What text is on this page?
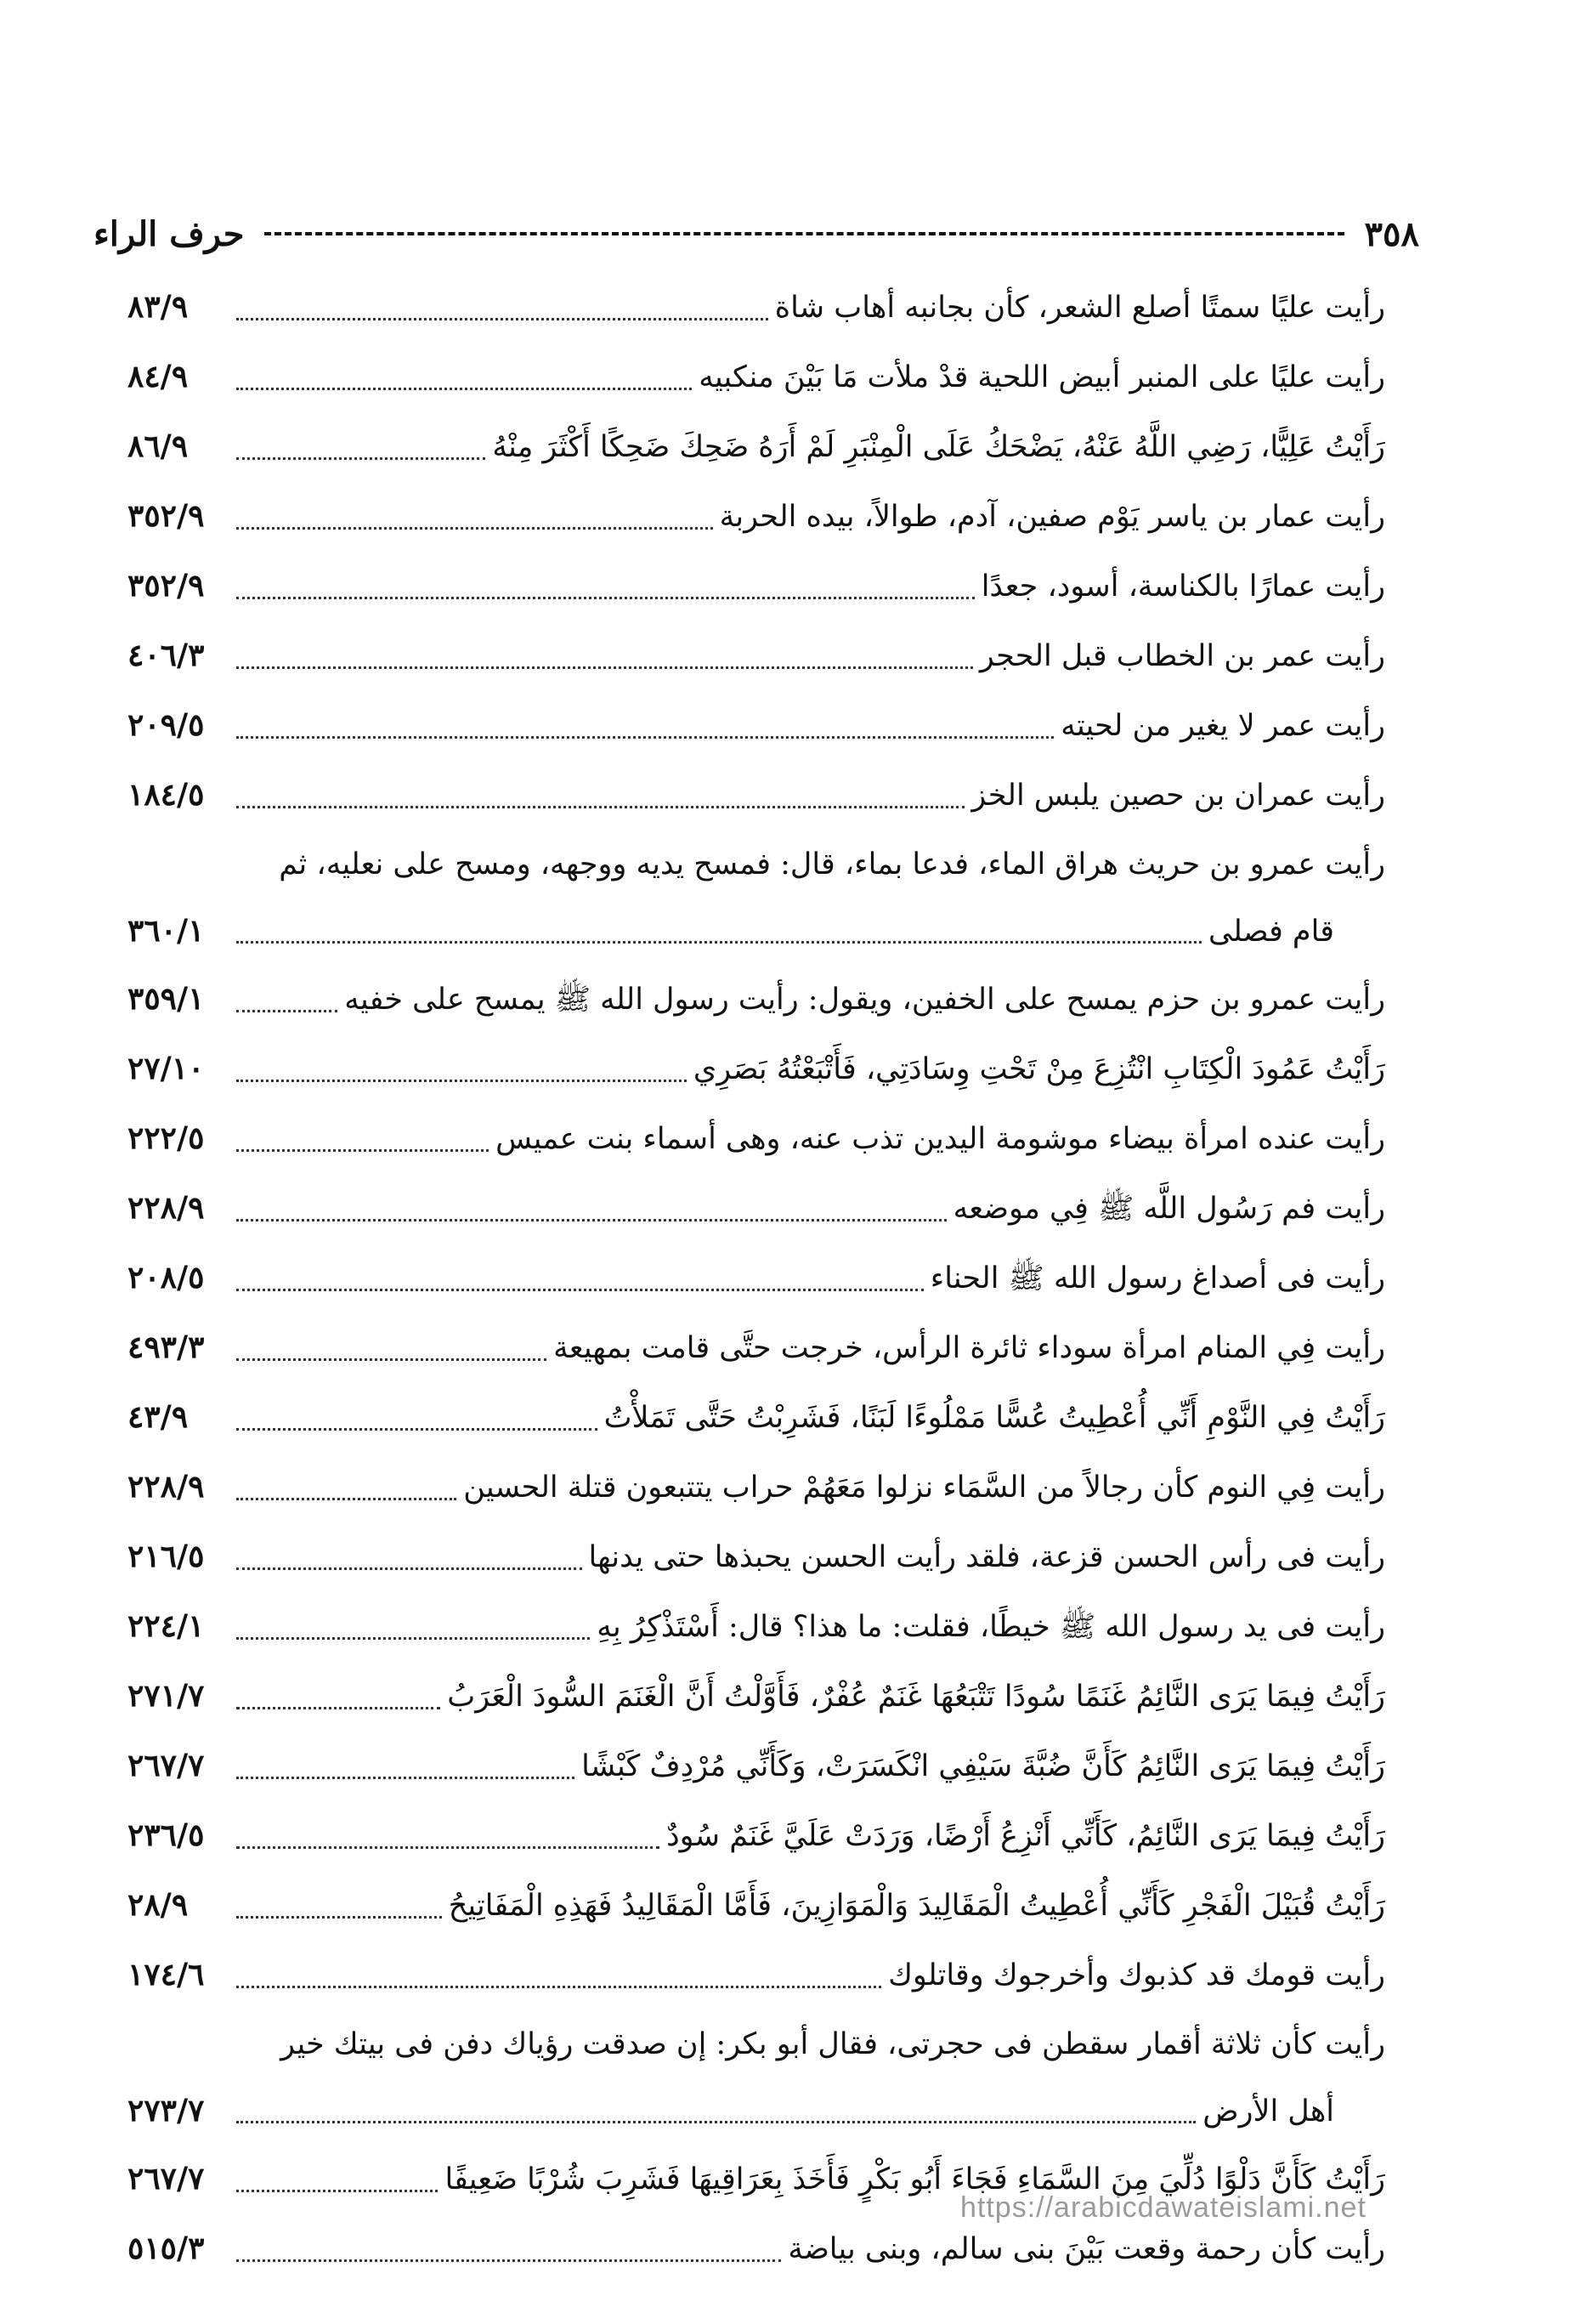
٣٥٨
حرف الراء
رأيت عليًا سمتًا أصلع الشعر، كأن بجانبه أهاب شاة
٨٣/٩
رأيت عليًا على المنبر أبيض اللحية قدْ ملأت مَا بَيْنَ منكبيه
٨٤/٩
رَأَيْتُ عَلِيًّا، رَضِي اللَّهُ عَنْهُ، يَضْحَكُ عَلَى الْمِنْبَرِ لَمْ أَرَهُ ضَحِكَ ضَحِكًا أَكْثَرَ مِنْهُ
٨٦/٩
رأيت عمار بن ياسر يَوْم صفين، آدم، طوالاً، بيده الحربة
٣٥٢/٩
رأيت عمارًا بالكناسة، أسود، جعدًا
٣٥٢/٩
رأيت عمر بن الخطاب قبل الحجر
٤٠٦/٣
رأيت عمر لا يغير من لحيته
٢٠٩/٥
رأيت عمران بن حصين يلبس الخز
١٨٤/٥
رأيت عمرو بن حريث هراق الماء، فدعا بماء، قال: فمسح يديه ووجهه، ومسح على نعليه، ثم
قام فصلى
٣٦٠/١
رأيت عمرو بن حزم يمسح على الخفين، ويقول: رأيت رسول الله ﷺ يمسح على خفيه
٣٥٩/١
رَأَيْتُ عَمُودَ الْكِتَابِ انْتُزِعَ مِنْ تَحْتِ وِسَادَتِي، فَأَتْبَعْتُهُ بَصَرِي
٢٧/١٠
رأيت عنده امرأة بيضاء موشومة اليدين تذب عنه، وهى أسماء بنت عميس
٢٢٢/٥
رأيت فم رَسُول اللَّه ﷺ فِي موضعه
٢٢٨/٩
رأيت فى أصداغ رسول الله ﷺ الحناء
٢٠٨/٥
رأيت فِي المنام امرأة سوداء ثائرة الرأس، خرجت حتَّى قامت بمهيعة
٤٩٣/٣
رَأَيْتُ فِي النَّوْمِ أَنِّي أُعْطِيتُ عُسًّا مَمْلُوءًا لَبَنًا، فَشَرِبْتُ حَتَّى تَمَلأْتُ
٤٣/٩
رأيت فِي النوم كأن رجالاً من السَّمَاء نزلوا مَعَهُمْ حراب يتتبعون قتلة الحسين
٢٢٨/٩
رأيت فى رأس الحسن قزعة، فلقد رأيت الحسن يحبذها حتى يدنها
٢١٦/٥
رأيت فى يد رسول الله ﷺ خيطًا، فقلت: ما هذا؟ قال: أَسْتَذْكِرُ بِهِ
٢٢٤/١
رَأَيْتُ فِيمَا يَرَى النَّائِمُ غَنَمًا سُودًا تَتْبَعُهَا غَنَمٌ عُفْرٌ، فَأَوَّلْتُ أَنَّ الْغَنَمَ السُّودَ الْعَرَبُ
٢٧١/٧
رَأَيْتُ فِيمَا يَرَى النَّائِمُ كَأَنَّ ضُبَّةَ سَيْفِي انْكَسَرَتْ، وَكَأَنِّي مُرْدِفٌ كَبْشًا
٢٦٧/٧
رَأَيْتُ فِيمَا يَرَى النَّائِمُ، كَأَنِّي أَنْزِعُ أَرْضًا، وَرَدَتْ عَلَيَّ غَنَمٌ سُودٌ
٢٣٦/٥
رَأَيْتُ قُبَيْلَ الْفَجْرِ كَأَنِّي أُعْطِيتُ الْمَقَالِيدَ وَالْمَوَازِينَ، فَأَمَّا الْمَقَالِيدُ فَهَذِهِ الْمَفَاتِيحُ
٢٨/٩
رأيت قومك قد كذبوك وأخرجوك وقاتلوك
١٧٤/٦
رأيت كأن ثلاثة أقمار سقطن فى حجرتى، فقال أبو بكر: إن صدقت رؤياك دفن فى بيتك خير
أهل الأرض
٢٧٣/٧
رَأَيْتُ كَأَنَّ دَلْوًا دُلِّيَ مِنَ السَّمَاءِ فَجَاءَ أَبُو بَكْرٍ فَأَخَذَ بِعَرَاقِيهَا فَشَرِبَ شُرْبًا ضَعِيفًا
٢٦٧/٧
رأيت كأن رحمة وقعت بَيْنَ بنى سالم، وبنى بياضة
٥١٥/٣
https://arabicdawateislami.net
